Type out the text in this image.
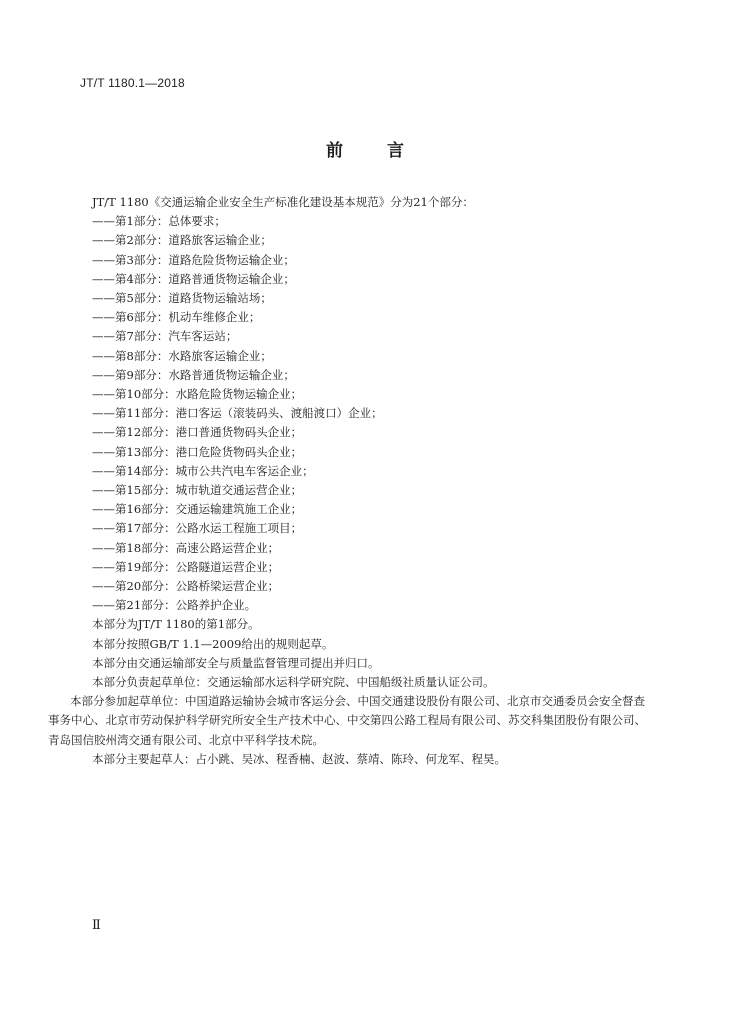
JT/T 1180.1—2018
前	言
JT/T 1180《交通运输企业安全生产标准化建设基本规范》分为21个部分：
——第1部分：总体要求；
——第2部分：道路旅客运输企业；
——第3部分：道路危险货物运输企业；
——第4部分：道路普通货物运输企业；
——第5部分：道路货物运输站场；
——第6部分：机动车维修企业；
——第7部分：汽车客运站；
——第8部分：水路旅客运输企业；
——第9部分：水路普通货物运输企业；
——第10部分：水路危险货物运输企业；
——第11部分：港口客运（滚装码头、渡船渡口）企业；
——第12部分：港口普通货物码头企业；
——第13部分：港口危险货物码头企业；
——第14部分：城市公共汽电车客运企业；
——第15部分：城市轨道交通运营企业；
——第16部分：交通运输建筑施工企业；
——第17部分：公路水运工程施工项目；
——第18部分：高速公路运营企业；
——第19部分：公路隧道运营企业；
——第20部分：公路桥梁运营企业；
——第21部分：公路养护企业。
本部分为JT/T 1180的第1部分。
本部分按照GB/T 1.1—2009给出的规则起草。
本部分由交通运输部安全与质量监督管理司提出并归口。
本部分负责起草单位：交通运输部水运科学研究院、中国船级社质量认证公司。
本部分参加起草单位：中国道路运输协会城市客运分会、中国交通建设股份有限公司、北京市交通委员会安全督查事务中心、北京市劳动保护科学研究所安全生产技术中心、中交第四公路工程局有限公司、苏交科集团股份有限公司、青岛国信胶州湾交通有限公司、北京中平科学技术院。
本部分主要起草人：占小跳、吴冰、程香楠、赵波、蔡靖、陈玲、何龙军、程昊。
Ⅱ
